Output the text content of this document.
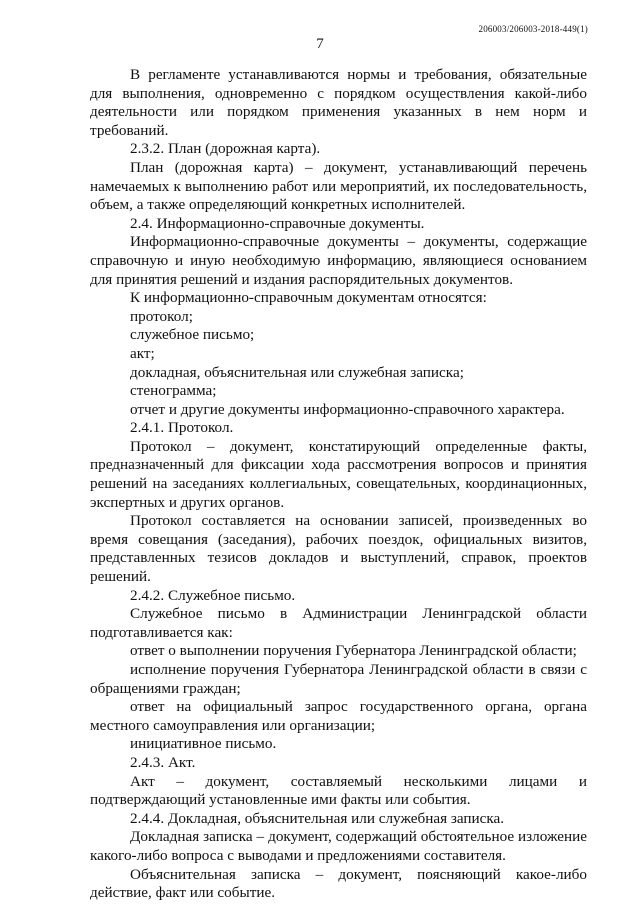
206003/206003-2018-449(1)
7

В регламенте устанавливаются нормы и требования, обязательные для выполнения, одновременно с порядком осуществления какой-либо деятельности или порядком применения указанных в нем норм и требований.

2.3.2. План (дорожная карта).

План (дорожная карта) – документ, устанавливающий перечень намечаемых к выполнению работ или мероприятий, их последовательность, объем, а также определяющий конкретных исполнителей.

2.4. Информационно-справочные документы.

Информационно-справочные документы – документы, содержащие справочную и иную необходимую информацию, являющиеся основанием для принятия решений и издания распорядительных документов.

К информационно-справочным документам относятся:

протокол;

служебное письмо;

акт;

докладная, объяснительная или служебная записка;

стенограмма;

отчет и другие документы информационно-справочного характера.

2.4.1. Протокол.

Протокол – документ, констатирующий определенные факты, предназначенный для фиксации хода рассмотрения вопросов и принятия решений на заседаниях коллегиальных, совещательных, координационных, экспертных и других органов.

Протокол составляется на основании записей, произведенных во время совещания (заседания), рабочих поездок, официальных визитов, представленных тезисов докладов и выступлений, справок, проектов решений.

2.4.2. Служебное письмо.

Служебное письмо в Администрации Ленинградской области подготавливается как:

ответ о выполнении поручения Губернатора Ленинградской области;

исполнение поручения Губернатора Ленинградской области в связи с обращениями граждан;

ответ на официальный запрос государственного органа, органа местного самоуправления или организации;

инициативное письмо.

2.4.3. Акт.

Акт – документ, составляемый несколькими лицами и подтверждающий установленные ими факты или события.

2.4.4. Докладная, объяснительная или служебная записка.

Докладная записка – документ, содержащий обстоятельное изложение какого-либо вопроса с выводами и предложениями составителя.

Объяснительная записка – документ, поясняющий какое-либо действие, факт или событие.
